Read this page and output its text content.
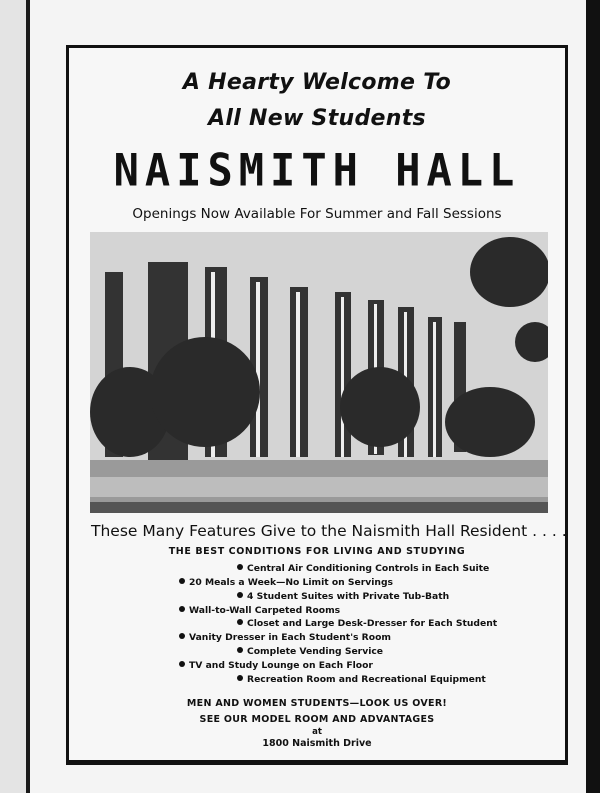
A Hearty Welcome To
All New Students
NAISMITH HALL
Openings Now Available For Summer and Fall Sessions
These Many Features Give to the Naismith Hall Resident . . . .
THE BEST CONDITIONS FOR LIVING AND STUDYING
Central Air Conditioning Controls in Each Suite
20 Meals a Week—No Limit on Servings
4 Student Suites with Private Tub-Bath
Wall-to-Wall Carpeted Rooms
Closet and Large Desk-Dresser for Each Student
Vanity Dresser in Each Student's Room
Complete Vending Service
TV and Study Lounge on Each Floor
Recreation Room and Recreational Equipment
MEN AND WOMEN STUDENTS—LOOK US OVER!
SEE OUR MODEL ROOM AND ADVANTAGES
at
1800 Naismith Drive
